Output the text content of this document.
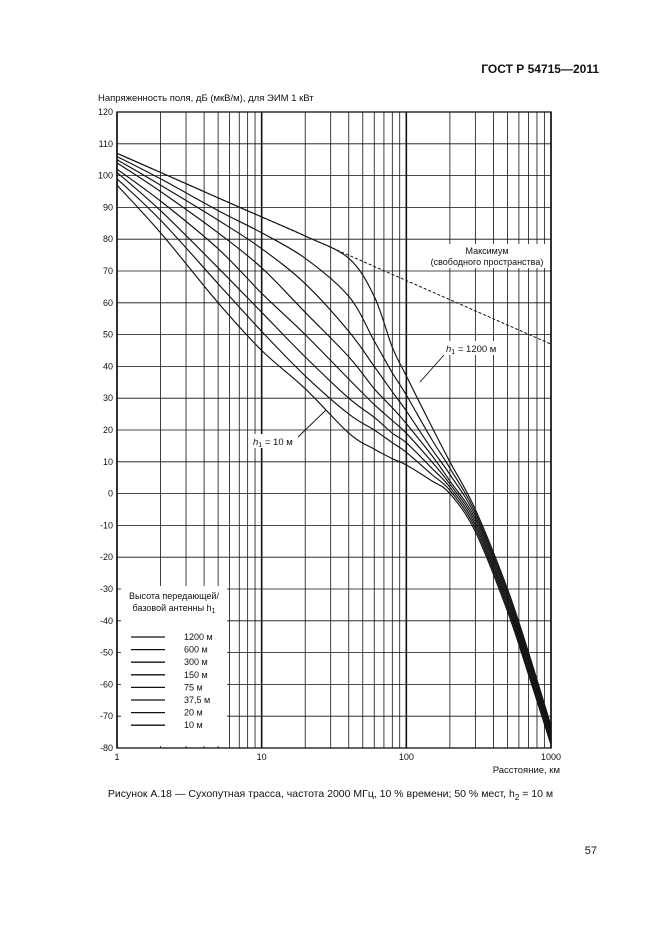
ГОСТ Р 54715—2011
Напряженность поля, дБ (мкВ/м), для ЭИМ 1 кВт
Расстояние, км
120
110
100
90
80
70
60
50
40
30
20
10
0
-10
-20
-30
-40
-50
-60
-70
-80
1	10	100	1000
Максимум
(свободного пространства)
$h_1 = 1200$ м
$h_1 = 10$ м
Высота передающей/
базовой антенны $h_1$
1200 м
600 м
300 м
150 м
75 м
37,5 м
20 м
10 м
Рисунок А.18 — Сухопутная трасса, частота 2000 МГц, 10 % времени; 50 % мест, $h_2 = 10$ м
57
